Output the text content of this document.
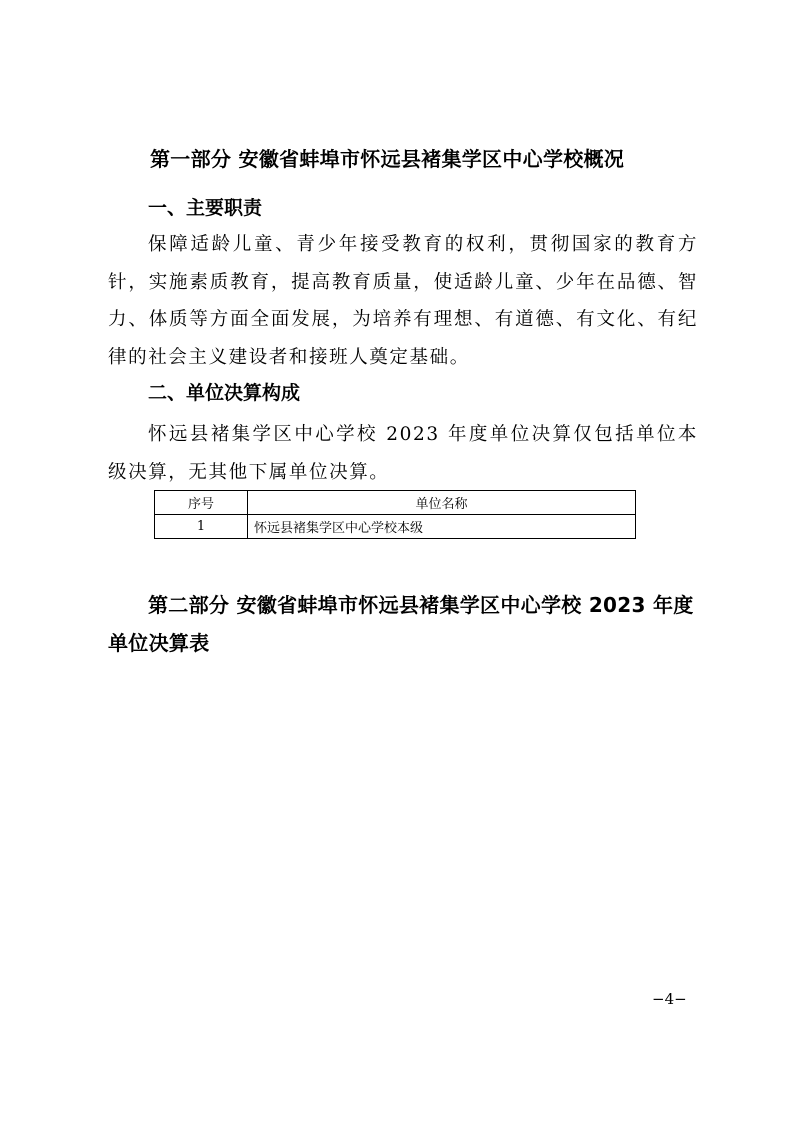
第一部分 安徽省蚌埠市怀远县褚集学区中心学校概况
一、主要职责
保障适龄儿童、青少年接受教育的权利，贯彻国家的教育方针，实施素质教育，提高教育质量，使适龄儿童、少年在品德、智力、体质等方面全面发展，为培养有理想、有道德、有文化、有纪律的社会主义建设者和接班人奠定基础。
二、单位决算构成
怀远县褚集学区中心学校 2023 年度单位决算仅包括单位本级决算，无其他下属单位决算。
序号	单位名称
1	怀远县褚集学区中心学校本级
第二部分 安徽省蚌埠市怀远县褚集学区中心学校 2023 年度单位决算表
−4−
